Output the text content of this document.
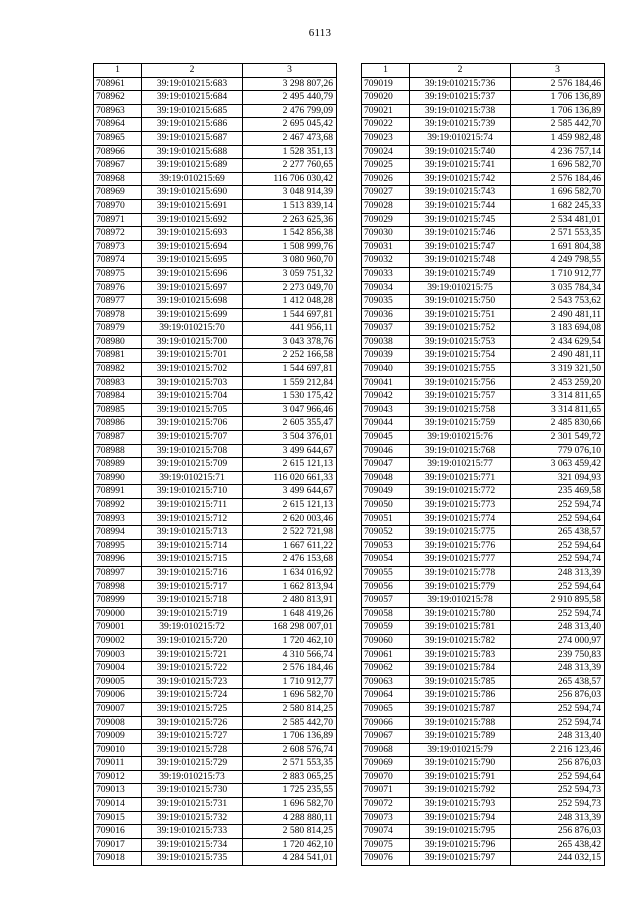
6113
1	2	3
708961	39:19:010215:683	3 298 807,26
708962	39:19:010215:684	2 495 440,79
708963	39:19:010215:685	2 476 799,09
708964	39:19:010215:686	2 695 045,42
708965	39:19:010215:687	2 467 473,68
708966	39:19:010215:688	1 528 351,13
708967	39:19:010215:689	2 277 760,65
708968	39:19:010215:69	116 706 030,42
708969	39:19:010215:690	3 048 914,39
708970	39:19:010215:691	1 513 839,14
708971	39:19:010215:692	2 263 625,36
708972	39:19:010215:693	1 542 856,38
708973	39:19:010215:694	1 508 999,76
708974	39:19:010215:695	3 080 960,70
708975	39:19:010215:696	3 059 751,32
708976	39:19:010215:697	2 273 049,70
708977	39:19:010215:698	1 412 048,28
708978	39:19:010215:699	1 544 697,81
708979	39:19:010215:70	441 956,11
708980	39:19:010215:700	3 043 378,76
708981	39:19:010215:701	2 252 166,58
708982	39:19:010215:702	1 544 697,81
708983	39:19:010215:703	1 559 212,84
708984	39:19:010215:704	1 530 175,42
708985	39:19:010215:705	3 047 966,46
708986	39:19:010215:706	2 605 355,47
708987	39:19:010215:707	3 504 376,01
708988	39:19:010215:708	3 499 644,67
708989	39:19:010215:709	2 615 121,13
708990	39:19:010215:71	116 020 661,33
708991	39:19:010215:710	3 499 644,67
708992	39:19:010215:711	2 615 121,13
708993	39:19:010215:712	2 620 003,46
708994	39:19:010215:713	2 522 721,98
708995	39:19:010215:714	1 667 611,22
708996	39:19:010215:715	2 476 153,68
708997	39:19:010215:716	1 634 016,92
708998	39:19:010215:717	1 662 813,94
708999	39:19:010215:718	2 480 813,91
709000	39:19:010215:719	1 648 419,26
709001	39:19:010215:72	168 298 007,01
709002	39:19:010215:720	1 720 462,10
709003	39:19:010215:721	4 310 566,74
709004	39:19:010215:722	2 576 184,46
709005	39:19:010215:723	1 710 912,77
709006	39:19:010215:724	1 696 582,70
709007	39:19:010215:725	2 580 814,25
709008	39:19:010215:726	2 585 442,70
709009	39:19:010215:727	1 706 136,89
709010	39:19:010215:728	2 608 576,74
709011	39:19:010215:729	2 571 553,35
709012	39:19:010215:73	2 883 065,25
709013	39:19:010215:730	1 725 235,55
709014	39:19:010215:731	1 696 582,70
709015	39:19:010215:732	4 288 880,11
709016	39:19:010215:733	2 580 814,25
709017	39:19:010215:734	1 720 462,10
709018	39:19:010215:735	4 284 541,01
1	2	3
709019	39:19:010215:736	2 576 184,46
709020	39:19:010215:737	1 706 136,89
709021	39:19:010215:738	1 706 136,89
709022	39:19:010215:739	2 585 442,70
709023	39:19:010215:74	1 459 982,48
709024	39:19:010215:740	4 236 757,14
709025	39:19:010215:741	1 696 582,70
709026	39:19:010215:742	2 576 184,46
709027	39:19:010215:743	1 696 582,70
709028	39:19:010215:744	1 682 245,33
709029	39:19:010215:745	2 534 481,01
709030	39:19:010215:746	2 571 553,35
709031	39:19:010215:747	1 691 804,38
709032	39:19:010215:748	4 249 798,55
709033	39:19:010215:749	1 710 912,77
709034	39:19:010215:75	3 035 784,34
709035	39:19:010215:750	2 543 753,62
709036	39:19:010215:751	2 490 481,11
709037	39:19:010215:752	3 183 694,08
709038	39:19:010215:753	2 434 629,54
709039	39:19:010215:754	2 490 481,11
709040	39:19:010215:755	3 319 321,50
709041	39:19:010215:756	2 453 259,20
709042	39:19:010215:757	3 314 811,65
709043	39:19:010215:758	3 314 811,65
709044	39:19:010215:759	2 485 830,66
709045	39:19:010215:76	2 301 549,72
709046	39:19:010215:768	779 076,10
709047	39:19:010215:77	3 063 459,42
709048	39:19:010215:771	321 094,93
709049	39:19:010215:772	235 469,58
709050	39:19:010215:773	252 594,74
709051	39:19:010215:774	252 594,64
709052	39:19:010215:775	265 438,57
709053	39:19:010215:776	252 594,64
709054	39:19:010215:777	252 594,74
709055	39:19:010215:778	248 313,39
709056	39:19:010215:779	252 594,64
709057	39:19:010215:78	2 910 895,58
709058	39:19:010215:780	252 594,74
709059	39:19:010215:781	248 313,40
709060	39:19:010215:782	274 000,97
709061	39:19:010215:783	239 750,83
709062	39:19:010215:784	248 313,39
709063	39:19:010215:785	265 438,57
709064	39:19:010215:786	256 876,03
709065	39:19:010215:787	252 594,74
709066	39:19:010215:788	252 594,74
709067	39:19:010215:789	248 313,40
709068	39:19:010215:79	2 216 123,46
709069	39:19:010215:790	256 876,03
709070	39:19:010215:791	252 594,64
709071	39:19:010215:792	252 594,73
709072	39:19:010215:793	252 594,73
709073	39:19:010215:794	248 313,39
709074	39:19:010215:795	256 876,03
709075	39:19:010215:796	265 438,42
709076	39:19:010215:797	244 032,15
